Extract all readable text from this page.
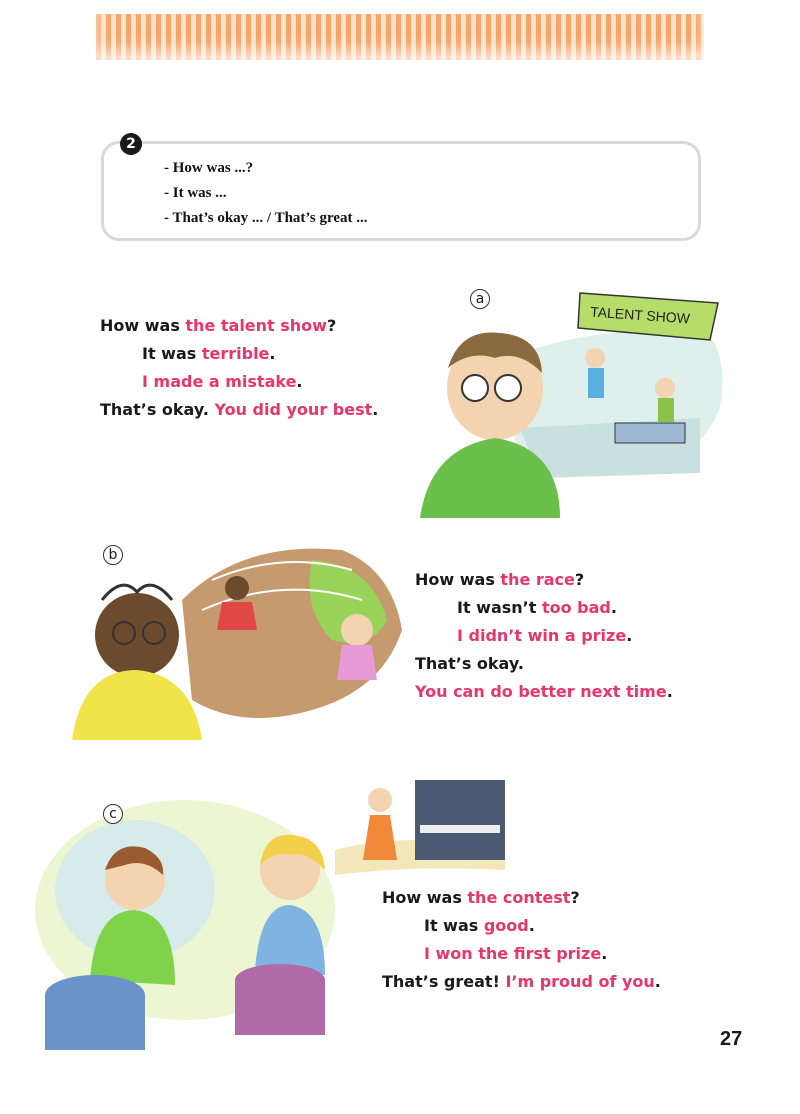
2
- How was ...?
- It was ...
- That’s okay ... / That’s great ...
TALENT SHOW
a
How was the talent show?
It was terrible.
I made a mistake.
That’s okay. You did your best.
b
How was the race?
It wasn’t too bad.
I didn’t win a prize.
That’s okay.
You can do better next time.
c
How was the contest?
It was good.
I won the first prize.
That’s great! I’m proud of you.
27
